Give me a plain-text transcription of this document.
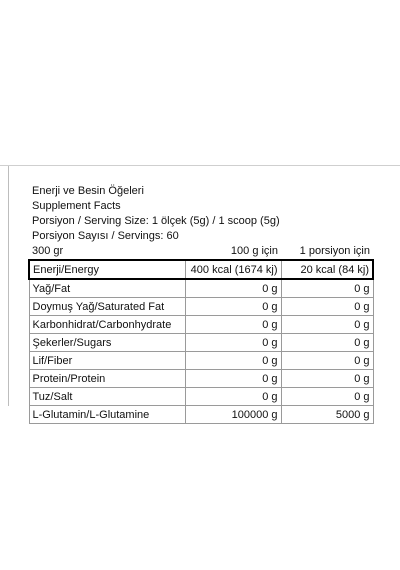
Enerji ve Besin Öğeleri
Supplement Facts
Porsiyon / Serving Size: 1 ölçek (5g) / 1 scoop (5g)
Porsiyon Sayısı / Servings: 60
300 gr	100 g için	1 porsiyon için
Enerji/Energy	400 kcal (1674 kj)	20 kcal (84 kj)
Yağ/Fat	0 g	0 g
Doymuş Yağ/Saturated Fat	0 g	0 g
Karbonhidrat/Carbonhydrate	0 g	0 g
Şekerler/Sugars	0 g	0 g
Lif/Fiber	0 g	0 g
Protein/Protein	0 g	0 g
Tuz/Salt	0 g	0 g
L-Glutamin/L-Glutamine	100000 g	5000 g
